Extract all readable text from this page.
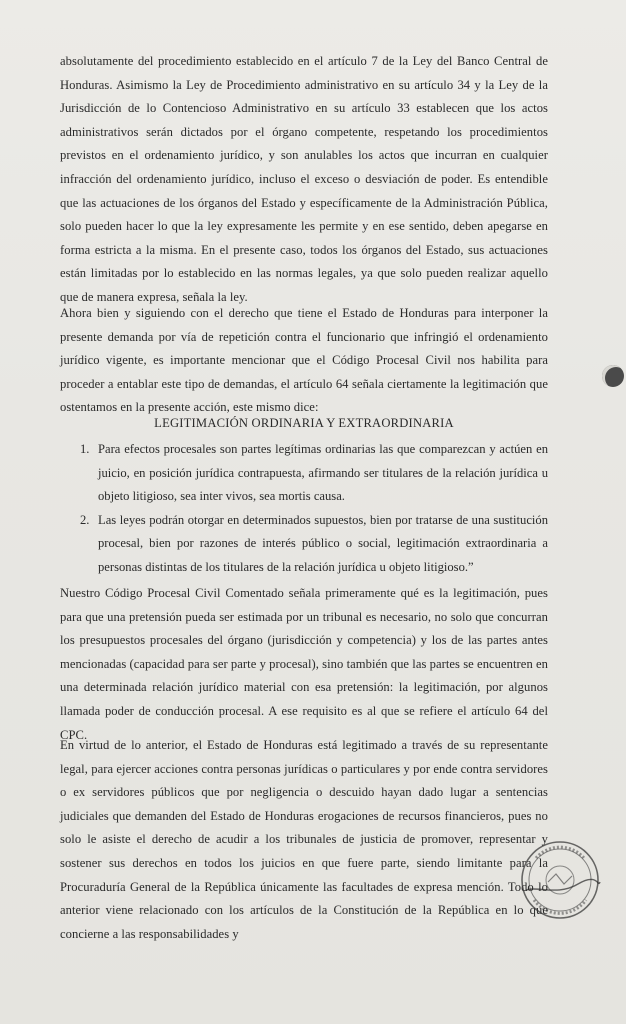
absolutamente del procedimiento establecido en el artículo 7 de la Ley del Banco Central de Honduras. Asimismo la Ley de Procedimiento administrativo en su artículo 34 y la Ley de la Jurisdicción de lo Contencioso Administrativo en su artículo 33 establecen que los actos administrativos serán dictados por el órgano competente, respetando los procedimientos previstos en el ordenamiento jurídico, y son anulables los actos que incurran en cualquier infracción del ordenamiento jurídico, incluso el exceso o desviación de poder. Es entendible que las actuaciones de los órganos del Estado y específicamente de la Administración Pública, solo pueden hacer lo que la ley expresamente les permite y en ese sentido, deben apegarse en forma estricta a la misma. En el presente caso, todos los órganos del Estado, sus actuaciones están limitadas por lo establecido en las normas legales, ya que solo pueden realizar aquello que de manera expresa, señala la ley.
Ahora bien y siguiendo con el derecho que tiene el Estado de Honduras para interponer la presente demanda por vía de repetición contra el funcionario que infringió el ordenamiento jurídico vigente, es importante mencionar que el Código Procesal Civil nos habilita para proceder a entablar este tipo de demandas, el artículo 64 señala ciertamente la legitimación que ostentamos en la presente acción, este mismo dice:
LEGITIMACIÓN ORDINARIA Y EXTRAORDINARIA
1. Para efectos procesales son partes legítimas ordinarias las que comparezcan y actúen en juicio, en posición jurídica contrapuesta, afirmando ser titulares de la relación jurídica u objeto litigioso, sea inter vivos, sea mortis causa.
2. Las leyes podrán otorgar en determinados supuestos, bien por tratarse de una sustitución procesal, bien por razones de interés público o social, legitimación extraordinaria a personas distintas de los titulares de la relación jurídica u objeto litigioso.”
Nuestro Código Procesal Civil Comentado señala primeramente qué es la legitimación, pues para que una pretensión pueda ser estimada por un tribunal es necesario, no solo que concurran los presupuestos procesales del órgano (jurisdicción y competencia) y los de las partes antes mencionadas (capacidad para ser parte y procesal), sino también que las partes se encuentren en una determinada relación jurídico material con esa pretensión: la legitimación, por algunos llamada poder de conducción procesal. A ese requisito es al que se refiere el artículo 64 del CPC.
En virtud de lo anterior, el Estado de Honduras está legitimado a través de su representante legal, para ejercer acciones contra personas jurídicas o particulares y por ende contra servidores o ex servidores públicos que por negligencia o descuido hayan dado lugar a sentencias judiciales que demanden del Estado de Honduras erogaciones de recursos financieros, pues no solo le asiste el derecho de acudir a los tribunales de justicia de promover, representar y sostener sus derechos en todos los juicios en que fuere parte, siendo limitante para la Procuraduría General de la República únicamente las facultades de expresa mención. Todo lo anterior viene relacionado con los artículos de la Constitución de la República en lo que concierne a las responsabilidades y
